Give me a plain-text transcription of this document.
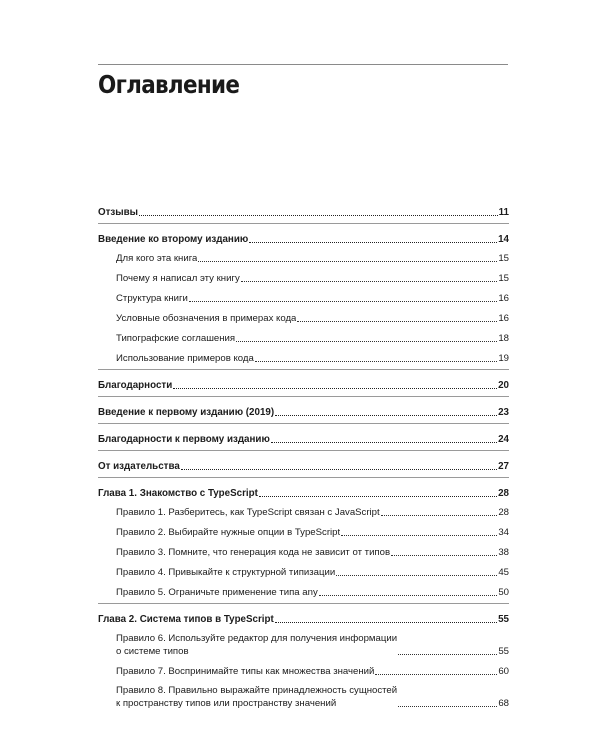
Оглавление
Отзывы	11
Введение ко второму изданию	14
Для кого эта книга	15
Почему я написал эту книгу	15
Структура книги	16
Условные обозначения в примерах кода	16
Типографские соглашения	18
Использование примеров кода	19
Благодарности	20
Введение к первому изданию (2019)	23
Благодарности к первому изданию	24
От издательства	27
Глава 1. Знакомство с TypeScript	28
Правило 1. Разберитесь, как TypeScript связан с JavaScript	28
Правило 2. Выбирайте нужные опции в TypeScript	34
Правило 3. Помните, что генерация кода не зависит от типов	38
Правило 4. Привыкайте к структурной типизации	45
Правило 5. Ограничьте применение типа any	50
Глава 2. Система типов в TypeScript	55
Правило 6. Используйте редактор для получения информации
о системе типов	55
Правило 7. Воспринимайте типы как множества значений	60
Правило 8. Правильно выражайте принадлежность сущностей
к пространству типов или пространству значений	68
